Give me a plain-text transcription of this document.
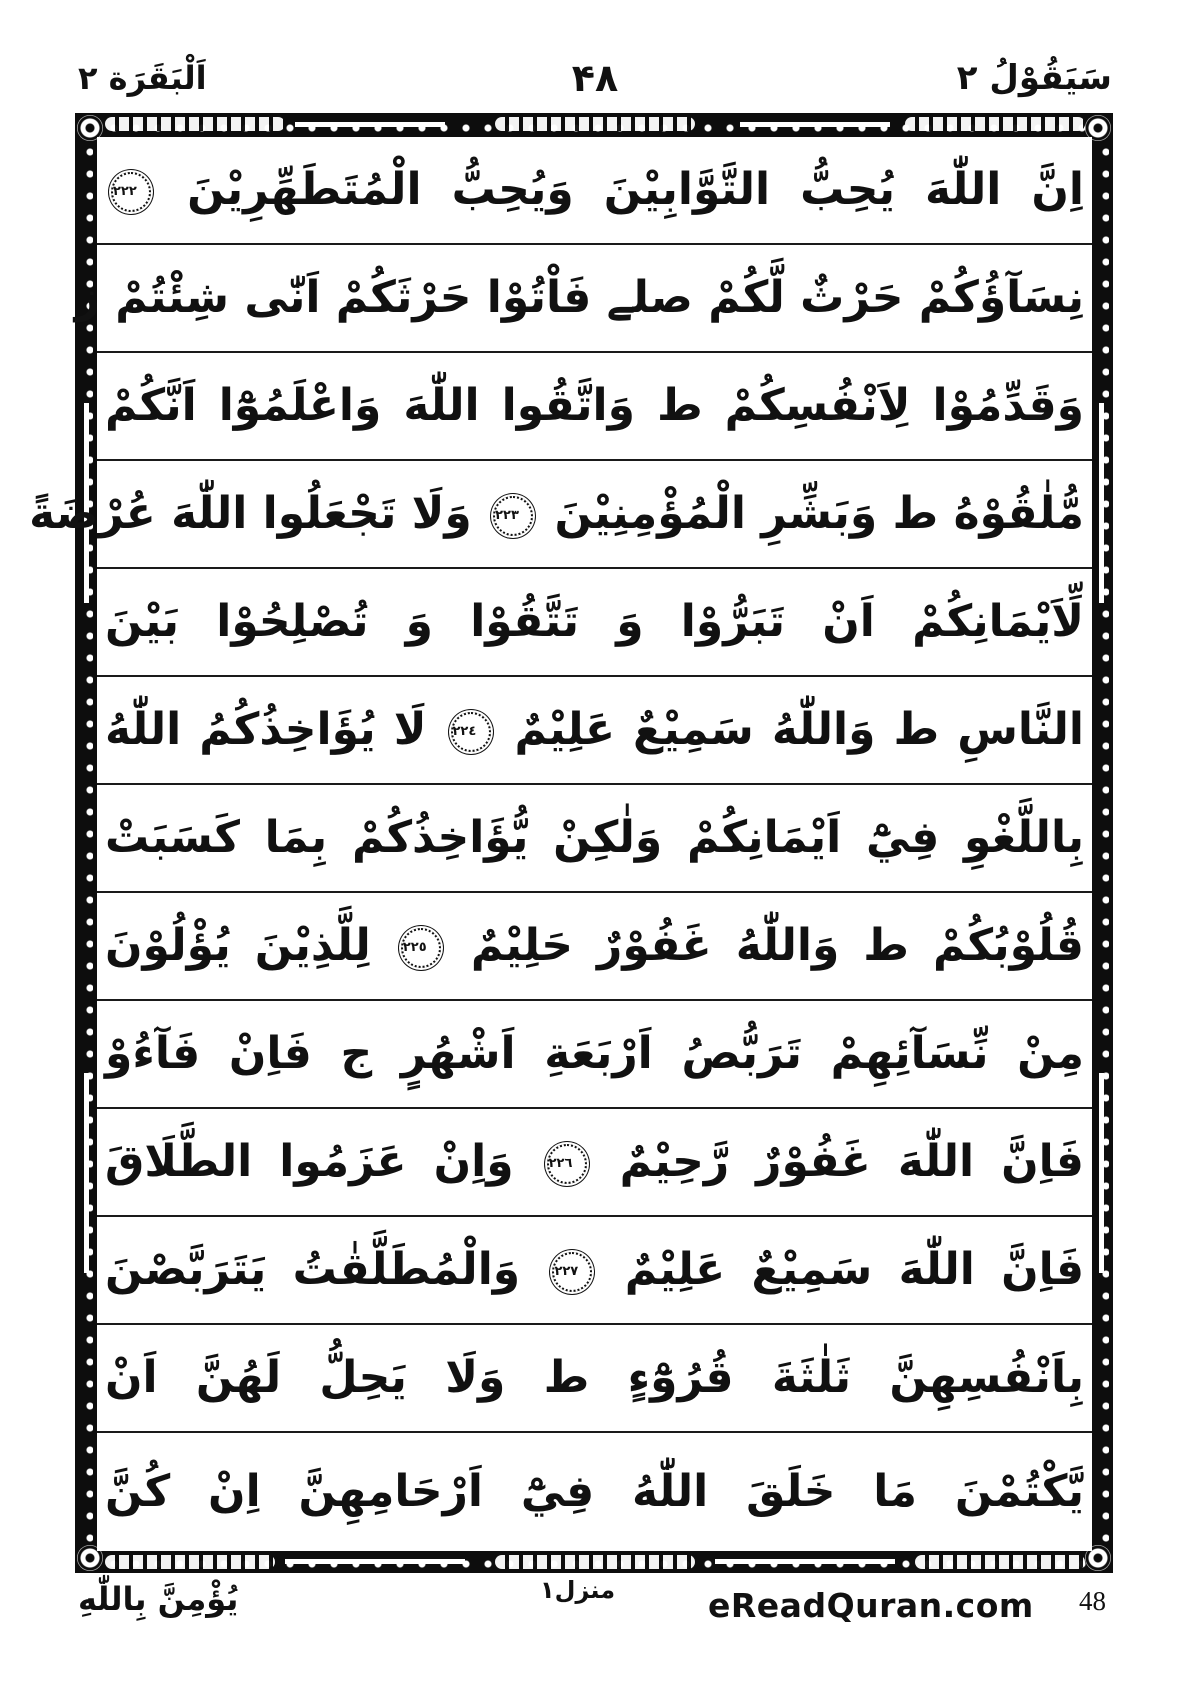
سَيَقُوْلُ ٢
۴۸
اَلْبَقَرَة ٢
اِنَّ اللّٰهَ يُحِبُّ التَّوَّابِيْنَ وَيُحِبُّ الْمُتَطَهِّرِيْنَ ٢٢٢
نِسَآؤُكُمْ حَرْثٌ لَّكُمْ صلے فَاْتُوْا حَرْثَكُمْ اَنّٰى شِئْتُمْ ز
وَقَدِّمُوْا لِاَنْفُسِكُمْ ط وَاتَّقُوا اللّٰهَ وَاعْلَمُوْٓا اَنَّكُمْ
مُّلٰقُوْهُ ط وَبَشِّرِ الْمُؤْمِنِيْنَ ٢٢٣ وَلَا تَجْعَلُوا اللّٰهَ عُرْضَةً
لِّاَيْمَانِكُمْ اَنْ تَبَرُّوْا وَ تَتَّقُوْا وَ تُصْلِحُوْا بَيْنَ
النَّاسِ ط وَاللّٰهُ سَمِيْعٌ عَلِيْمٌ ٢٢٤ لَا يُؤَاخِذُكُمُ اللّٰهُ
بِاللَّغْوِ فِيْٓ اَيْمَانِكُمْ وَلٰكِنْ يُّؤَاخِذُكُمْ بِمَا كَسَبَتْ
قُلُوْبُكُمْ ط وَاللّٰهُ غَفُوْرٌ حَلِيْمٌ ٢٢٥ لِلَّذِيْنَ يُؤْلُوْنَ
مِنْ نِّسَآئِهِمْ تَرَبُّصُ اَرْبَعَةِ اَشْهُرٍ ج فَاِنْ فَآءُوْ
فَاِنَّ اللّٰهَ غَفُوْرٌ رَّحِيْمٌ ٢٢٦ وَاِنْ عَزَمُوا الطَّلَاقَ
فَاِنَّ اللّٰهَ سَمِيْعٌ عَلِيْمٌ ٢٢٧ وَالْمُطَلَّقٰتُ يَتَرَبَّصْنَ
بِاَنْفُسِهِنَّ ثَلٰثَةَ قُرُوْٓءٍ ط وَلَا يَحِلُّ لَهُنَّ اَنْ
يَّكْتُمْنَ مَا خَلَقَ اللّٰهُ فِيْٓ اَرْحَامِهِنَّ اِنْ كُنَّ
يُؤْمِنَّ بِاللّٰهِ	منزل۱	eReadQuran.com 48
